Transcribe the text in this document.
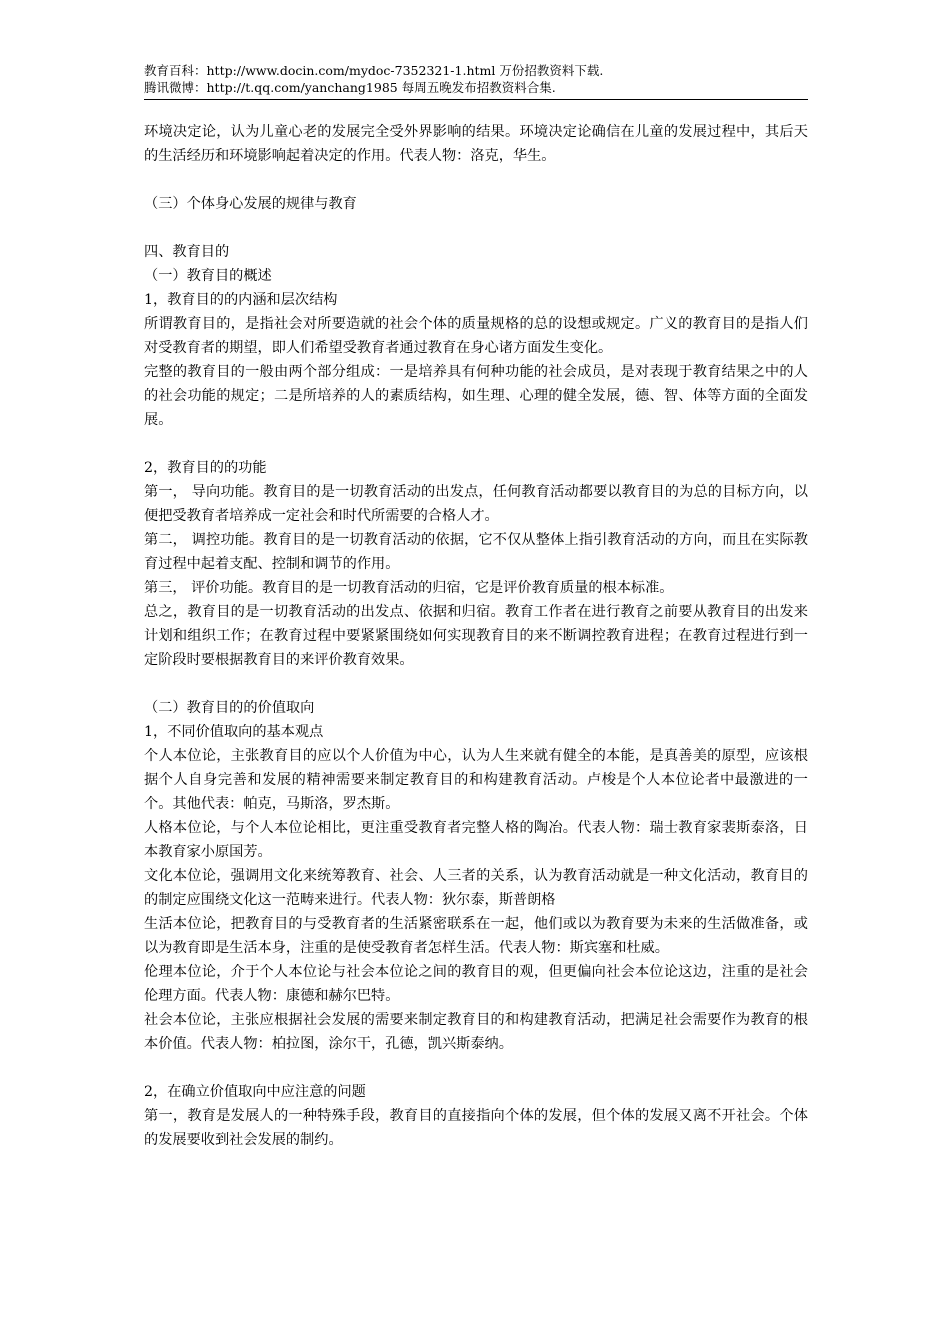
教育百科：http://www.docin.com/mydoc-7352321-1.html 万份招教资料下载.
腾讯微博：http://t.qq.com/yanchang1985 每周五晚发布招教资料合集.

环境决定论，认为儿童心老的发展完全受外界影响的结果。环境决定论确信在儿童的发展过程中，其后天的生活经历和环境影响起着决定的作用。代表人物：洛克，华生。

（三）个体身心发展的规律与教育

四、教育目的

（一）教育目的概述

1，教育目的的内涵和层次结构

所谓教育目的，是指社会对所要造就的社会个体的质量规格的总的设想或规定。广义的教育目的是指人们对受教育者的期望，即人们希望受教育者通过教育在身心诸方面发生变化。

完整的教育目的一般由两个部分组成：一是培养具有何种功能的社会成员，是对表现于教育结果之中的人的社会功能的规定；二是所培养的人的素质结构，如生理、心理的健全发展，德、智、体等方面的全面发展。

2，教育目的的功能

第一， 导向功能。教育目的是一切教育活动的出发点，任何教育活动都要以教育目的为总的目标方向，以便把受教育者培养成一定社会和时代所需要的合格人才。

第二， 调控功能。教育目的是一切教育活动的依据，它不仅从整体上指引教育活动的方向，而且在实际教育过程中起着支配、控制和调节的作用。

第三， 评价功能。教育目的是一切教育活动的归宿，它是评价教育质量的根本标准。

总之，教育目的是一切教育活动的出发点、依据和归宿。教育工作者在进行教育之前要从教育目的出发来计划和组织工作；在教育过程中要紧紧围绕如何实现教育目的来不断调控教育进程；在教育过程进行到一定阶段时要根据教育目的来评价教育效果。

（二）教育目的的价值取向

1，不同价值取向的基本观点

个人本位论，主张教育目的应以个人价值为中心，认为人生来就有健全的本能，是真善美的原型，应该根据个人自身完善和发展的精神需要来制定教育目的和构建教育活动。卢梭是个人本位论者中最激进的一个。其他代表：帕克，马斯洛，罗杰斯。

人格本位论，与个人本位论相比，更注重受教育者完整人格的陶冶。代表人物：瑞士教育家裴斯泰洛，日本教育家小原国芳。

文化本位论，强调用文化来统筹教育、社会、人三者的关系，认为教育活动就是一种文化活动，教育目的的制定应围绕文化这一范畴来进行。代表人物：狄尔泰，斯普朗格

生活本位论，把教育目的与受教育者的生活紧密联系在一起，他们或以为教育要为未来的生活做准备，或以为教育即是生活本身，注重的是使受教育者怎样生活。代表人物：斯宾塞和杜威。

伦理本位论，介于个人本位论与社会本位论之间的教育目的观，但更偏向社会本位论这边，注重的是社会伦理方面。代表人物：康德和赫尔巴特。

社会本位论，主张应根据社会发展的需要来制定教育目的和构建教育活动，把满足社会需要作为教育的根本价值。代表人物：柏拉图，涂尔干，孔德，凯兴斯泰纳。

2，在确立价值取向中应注意的问题

第一，教育是发展人的一种特殊手段，教育目的直接指向个体的发展，但个体的发展又离不开社会。个体的发展要收到社会发展的制约。
